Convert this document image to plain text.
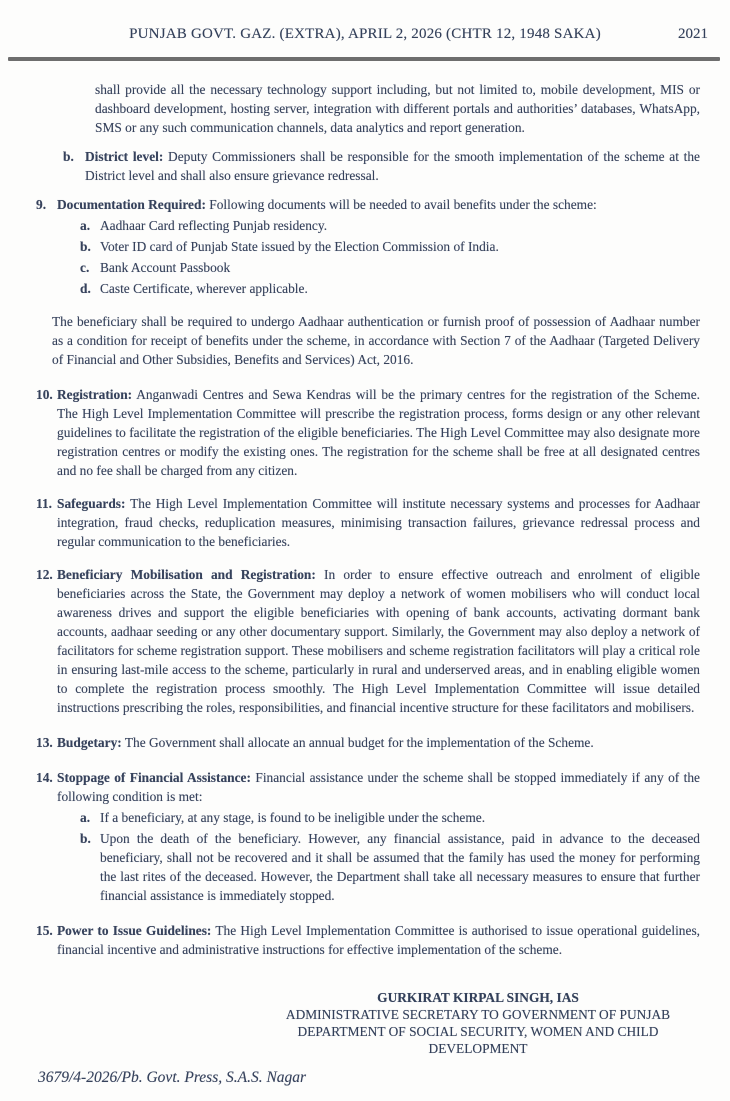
PUNJAB GOVT. GAZ. (EXTRA), APRIL 2, 2026 (CHTR 12, 1948 SAKA)	2021

shall provide all the necessary technology support including, but not limited to, mobile development, MIS or dashboard development, hosting server, integration with different portals and authorities’ databases, WhatsApp, SMS or any such communication channels, data analytics and report generation.

b. District level: Deputy Commissioners shall be responsible for the smooth implementation of the scheme at the District level and shall also ensure grievance redressal.
9. Documentation Required: Following documents will be needed to avail benefits under the scheme:
a. Aadhaar Card reflecting Punjab residency.
b. Voter ID card of Punjab State issued by the Election Commission of India.
c. Bank Account Passbook
d. Caste Certificate, wherever applicable.

The beneficiary shall be required to undergo Aadhaar authentication or furnish proof of possession of Aadhaar number as a condition for receipt of benefits under the scheme, in accordance with Section 7 of the Aadhaar (Targeted Delivery of Financial and Other Subsidies, Benefits and Services) Act, 2016.

10. Registration: Anganwadi Centres and Sewa Kendras will be the primary centres for the registration of the Scheme. The High Level Implementation Committee will prescribe the registration process, forms design or any other relevant guidelines to facilitate the registration of the eligible beneficiaries. The High Level Committee may also designate more registration centres or modify the existing ones. The registration for the scheme shall be free at all designated centres and no fee shall be charged from any citizen.
11. Safeguards: The High Level Implementation Committee will institute necessary systems and processes for Aadhaar integration, fraud checks, reduplication measures, minimising transaction failures, grievance redressal process and regular communication to the beneficiaries.
12. Beneficiary Mobilisation and Registration: In order to ensure effective outreach and enrolment of eligible beneficiaries across the State, the Government may deploy a network of women mobilisers who will conduct local awareness drives and support the eligible beneficiaries with opening of bank accounts, activating dormant bank accounts, aadhaar seeding or any other documentary support. Similarly, the Government may also deploy a network of facilitators for scheme registration support. These mobilisers and scheme registration facilitators will play a critical role in ensuring last-mile access to the scheme, particularly in rural and underserved areas, and in enabling eligible women to complete the registration process smoothly. The High Level Implementation Committee will issue detailed instructions prescribing the roles, responsibilities, and financial incentive structure for these facilitators and mobilisers.
13. Budgetary: The Government shall allocate an annual budget for the implementation of the Scheme.
14. Stoppage of Financial Assistance: Financial assistance under the scheme shall be stopped immediately if any of the following condition is met:
a. If a beneficiary, at any stage, is found to be ineligible under the scheme.
b. Upon the death of the beneficiary. However, any financial assistance, paid in advance to the deceased beneficiary, shall not be recovered and it shall be assumed that the family has used the money for performing the last rites of the deceased. However, the Department shall take all necessary measures to ensure that further financial assistance is immediately stopped.
15. Power to Issue Guidelines: The High Level Implementation Committee is authorised to issue operational guidelines, financial incentive and administrative instructions for effective implementation of the scheme.
GURKIRAT KIRPAL SINGH, IAS
ADMINISTRATIVE SECRETARY TO GOVERNMENT OF PUNJAB
DEPARTMENT OF SOCIAL SECURITY, WOMEN AND CHILD
DEVELOPMENT
3679/4-2026/Pb. Govt. Press, S.A.S. Nagar
